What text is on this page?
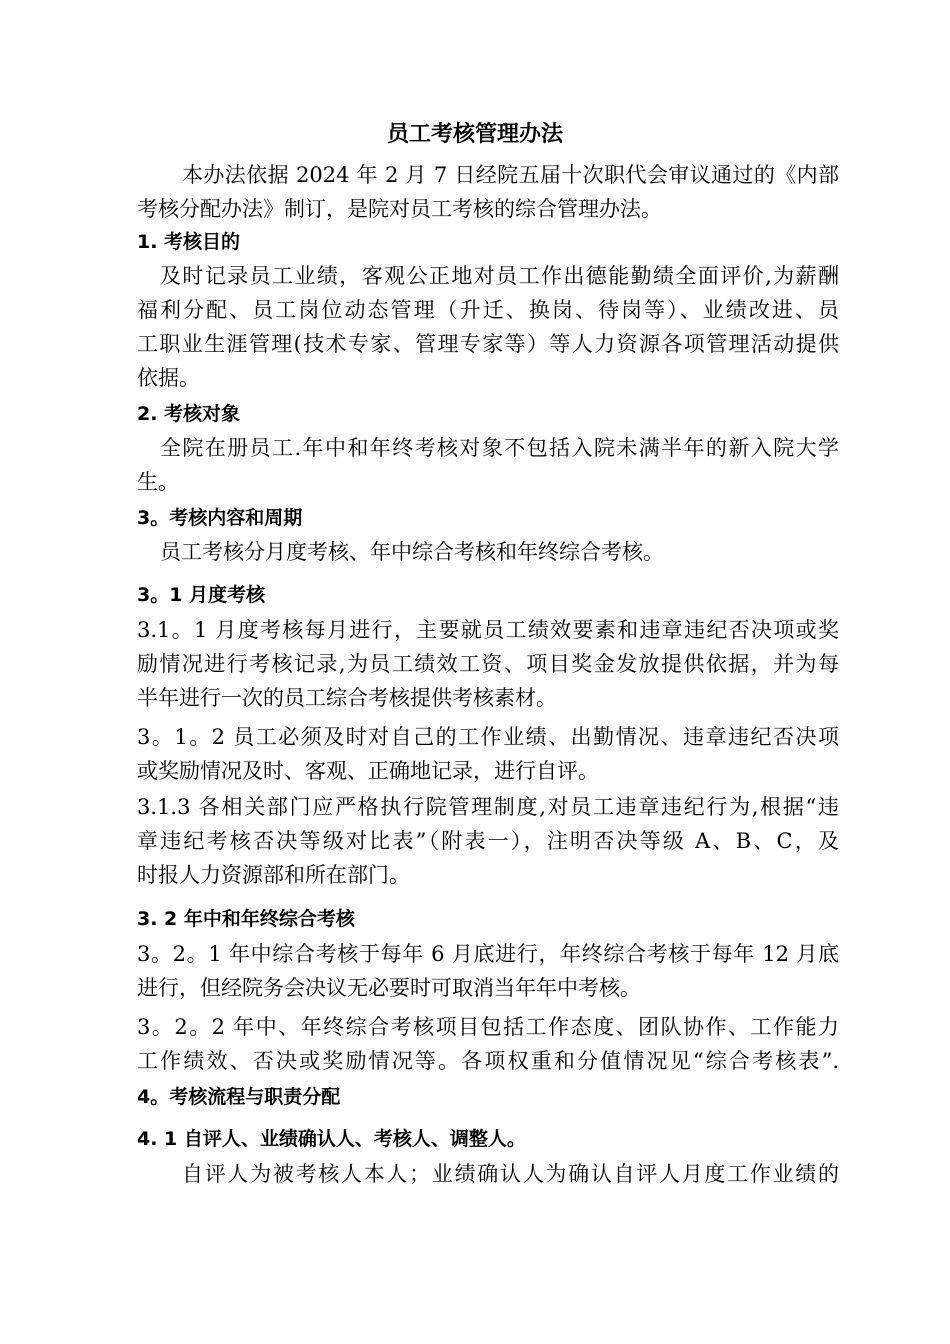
员工考核管理办法
本办法依据 2024 年 2 月 7 日经院五届十次职代会审议通过的《内部
考核分配办法》制订，是院对员工考核的综合管理办法。
1. 考核目的
及时记录员工业绩，客观公正地对员工作出德能勤绩全面评价,为薪酬
福利分配、员工岗位动态管理（升迁、换岗、待岗等）、业绩改进、员
工职业生涯管理(技术专家、管理专家等）等人力资源各项管理活动提供
依据。
2. 考核对象
全院在册员工.年中和年终考核对象不包括入院未满半年的新入院大学
生。
3。考核内容和周期
员工考核分月度考核、年中综合考核和年终综合考核。
3。1 月度考核
3.1。1 月度考核每月进行，主要就员工绩效要素和违章违纪否决项或奖
励情况进行考核记录,为员工绩效工资、项目奖金发放提供依据，并为每
半年进行一次的员工综合考核提供考核素材。
3。1。2 员工必须及时对自己的工作业绩、出勤情况、违章违纪否决项
或奖励情况及时、客观、正确地记录，进行自评。
3.1.3 各相关部门应严格执行院管理制度,对员工违章违纪行为,根据“违
章违纪考核否决等级对比表”（附表一），注明否决等级 A、B、C，及
时报人力资源部和所在部门。
3. 2 年中和年终综合考核
3。2。1 年中综合考核于每年 6 月底进行，年终综合考核于每年 12 月底
进行，但经院务会决议无必要时可取消当年年中考核。
3。2。2 年中、年终综合考核项目包括工作态度、团队协作、工作能力
工作绩效、否决或奖励情况等。各项权重和分值情况见“综合考核表”.
4。考核流程与职责分配
4. 1 自评人、业绩确认人、考核人、调整人。
自评人为被考核人本人；业绩确认人为确认自评人月度工作业绩的
